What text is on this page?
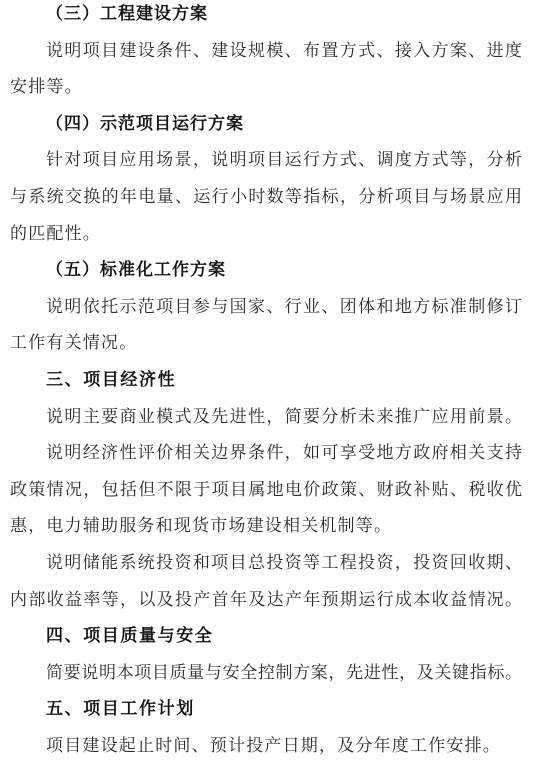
（三）工程建设方案

说明项目建设条件、建设规模、布置方式、接入方案、进度
安排等。

（四）示范项目运行方案

针对项目应用场景，说明项目运行方式、调度方式等，分析
与系统交换的年电量、运行小时数等指标，分析项目与场景应用
的匹配性。

（五）标准化工作方案

说明依托示范项目参与国家、行业、团体和地方标准制修订
工作有关情况。

三、项目经济性

说明主要商业模式及先进性，简要分析未来推广应用前景。

说明经济性评价相关边界条件，如可享受地方政府相关支持
政策情况，包括但不限于项目属地电价政策、财政补贴、税收优
惠，电力辅助服务和现货市场建设相关机制等。

说明储能系统投资和项目总投资等工程投资，投资回收期、
内部收益率等，以及投产首年及达产年预期运行成本收益情况。

四、项目质量与安全

简要说明本项目质量与安全控制方案，先进性，及关键指标。

五、项目工作计划

项目建设起止时间、预计投产日期，及分年度工作安排。
